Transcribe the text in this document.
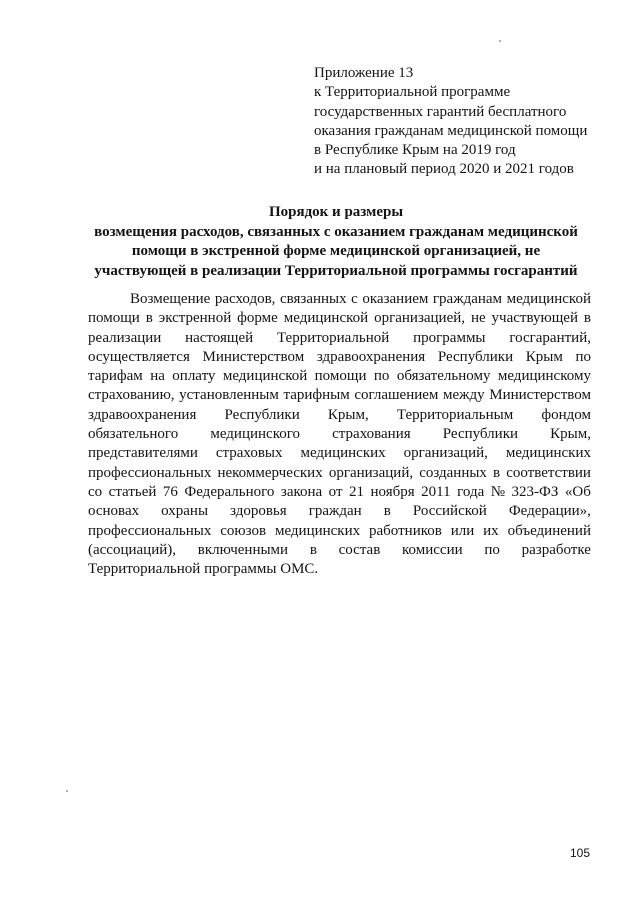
Приложение 13
к Территориальной программе
государственных гарантий бесплатного
оказания гражданам медицинской помощи
в Республике Крым на 2019 год
и на плановый период 2020 и 2021 годов
Порядок и размеры
возмещения расходов, связанных с оказанием гражданам медицинской
помощи в экстренной форме медицинской организацией, не
участвующей в реализации Территориальной программы госгарантий
Возмещение расходов, связанных с оказанием гражданам медицинской
помощи в экстренной форме медицинской организацией, не участвующей в
реализации настоящей Территориальной программы госгарантий,
осуществляется Министерством здравоохранения Республики Крым по
тарифам на оплату медицинской помощи по обязательному медицинскому
страхованию, установленным тарифным соглашением между Министерством
здравоохранения Республики Крым, Территориальным фондом
обязательного медицинского страхования Республики Крым,
представителями страховых медицинских организаций, медицинских
профессиональных некоммерческих организаций, созданных в соответствии
со статьей 76 Федерального закона от 21 ноября 2011 года № 323-ФЗ «Об
основах охраны здоровья граждан в Российской Федерации»,
профессиональных союзов медицинских работников или их объединений
(ассоциаций), включенными в состав комиссии по разработке
Территориальной программы ОМС.
105
